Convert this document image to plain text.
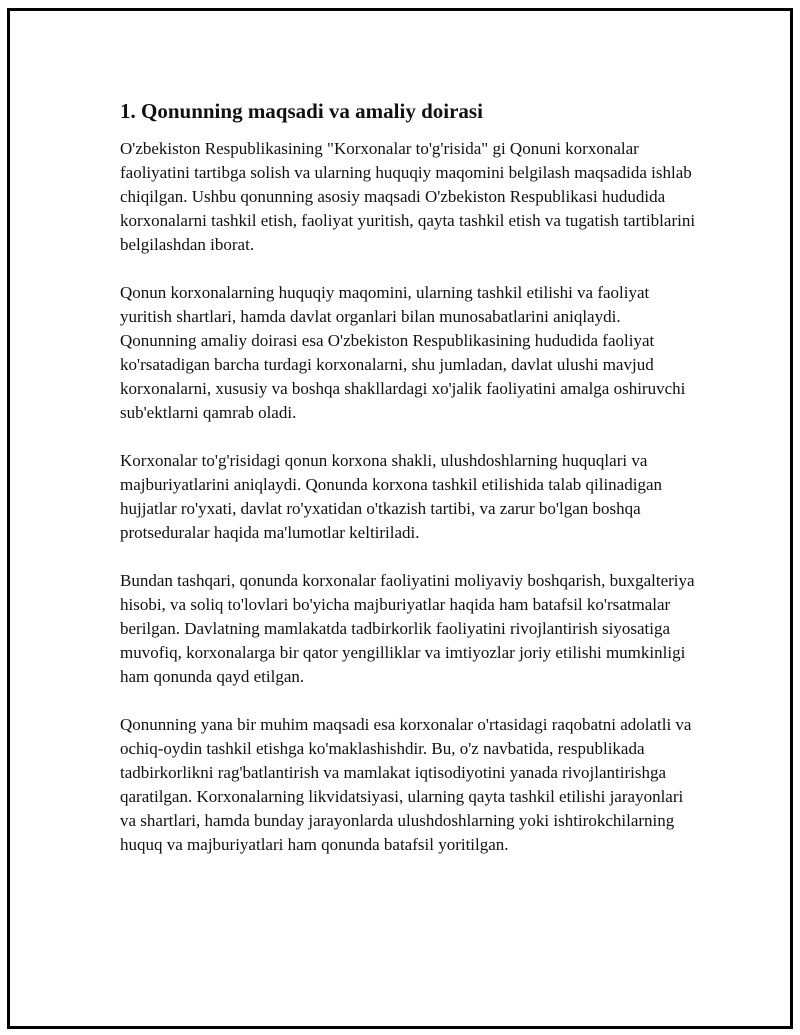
1. Qonunning maqsadi va amaliy doirasi

O'zbekiston Respublikasining "Korxonalar to'g'risida" gi Qonuni korxonalar faoliyatini tartibga solish va ularning huquqiy maqomini belgilash maqsadida ishlab chiqilgan. Ushbu qonunning asosiy maqsadi O'zbekiston Respublikasi hududida korxonalarni tashkil etish, faoliyat yuritish, qayta tashkil etish va tugatish tartiblarini belgilashdan iborat.

Qonun korxonalarning huquqiy maqomini, ularning tashkil etilishi va faoliyat yuritish shartlari, hamda davlat organlari bilan munosabatlarini aniqlaydi. Qonunning amaliy doirasi esa O'zbekiston Respublikasining hududida faoliyat ko'rsatadigan barcha turdagi korxonalarni, shu jumladan, davlat ulushi mavjud korxonalarni, xususiy va boshqa shakllardagi xo'jalik faoliyatini amalga oshiruvchi sub'ektlarni qamrab oladi.

Korxonalar to'g'risidagi qonun korxona shakli, ulushdoshlarning huquqlari va majburiyatlarini aniqlaydi. Qonunda korxona tashkil etilishida talab qilinadigan hujjatlar ro'yxati, davlat ro'yxatidan o'tkazish tartibi, va zarur bo'lgan boshqa protseduralar haqida ma'lumotlar keltiriladi.

Bundan tashqari, qonunda korxonalar faoliyatini moliyaviy boshqarish, buxgalteriya hisobi, va soliq to'lovlari bo'yicha majburiyatlar haqida ham batafsil ko'rsatmalar berilgan. Davlatning mamlakatda tadbirkorlik faoliyatini rivojlantirish siyosatiga muvofiq, korxonalarga bir qator yengilliklar va imtiyozlar joriy etilishi mumkinligi ham qonunda qayd etilgan.

Qonunning yana bir muhim maqsadi esa korxonalar o'rtasidagi raqobatni adolatli va ochiq-oydin tashkil etishga ko'maklashishdir. Bu, o'z navbatida, respublikada tadbirkorlikni rag'batlantirish va mamlakat iqtisodiyotini yanada rivojlantirishga qaratilgan. Korxonalarning likvidatsiyasi, ularning qayta tashkil etilishi jarayonlari va shartlari, hamda bunday jarayonlarda ulushdoshlarning yoki ishtirokchilarning huquq va majburiyatlari ham qonunda batafsil yoritilgan.
